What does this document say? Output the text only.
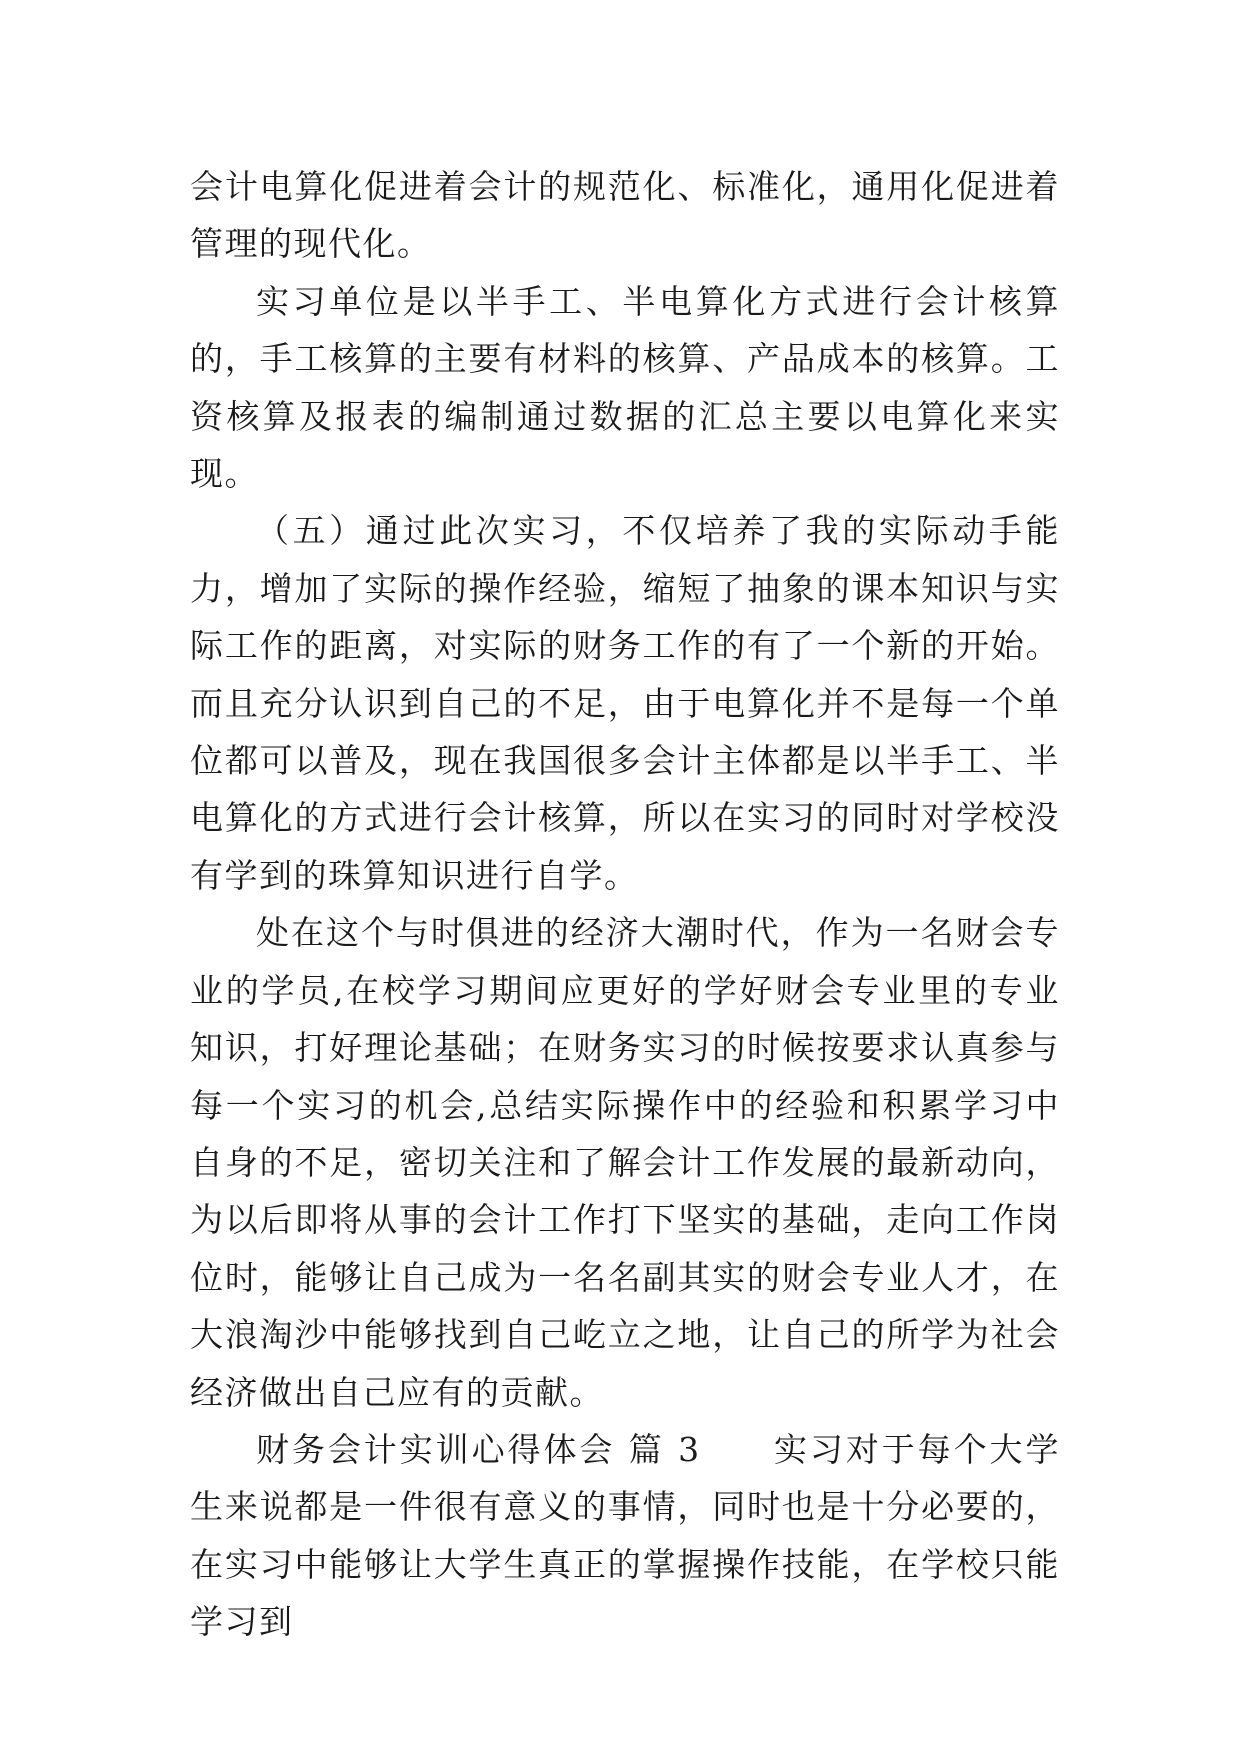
会计电算化促进着会计的规范化、标准化，通用化促进着管理的现代化。

实习单位是以半手工、半电算化方式进行会计核算的，手工核算的主要有材料的核算、产品成本的核算。工资核算及报表的编制通过数据的汇总主要以电算化来实现。

（五）通过此次实习，不仅培养了我的实际动手能力，增加了实际的操作经验，缩短了抽象的课本知识与实际工作的距离，对实际的财务工作的有了一个新的开始。而且充分认识到自己的不足，由于电算化并不是每一个单位都可以普及，现在我国很多会计主体都是以半手工、半电算化的方式进行会计核算，所以在实习的同时对学校没有学到的珠算知识进行自学。

处在这个与时俱进的经济大潮时代，作为一名财会专业的学员,在校学习期间应更好的学好财会专业里的专业知识，打好理论基础；在财务实习的时候按要求认真参与每一个实习的机会,总结实际操作中的经验和积累学习中自身的不足，密切关注和了解会计工作发展的最新动向，为以后即将从事的会计工作打下坚实的基础，走向工作岗位时，能够让自己成为一名名副其实的财会专业人才，在大浪淘沙中能够找到自己屹立之地，让自己的所学为社会经济做出自己应有的贡献。

财务会计实训心得体会 篇 3　　实习对于每个大学生来说都是一件很有意义的事情，同时也是十分必要的，在实习中能够让大学生真正的掌握操作技能，在学校只能学习到
